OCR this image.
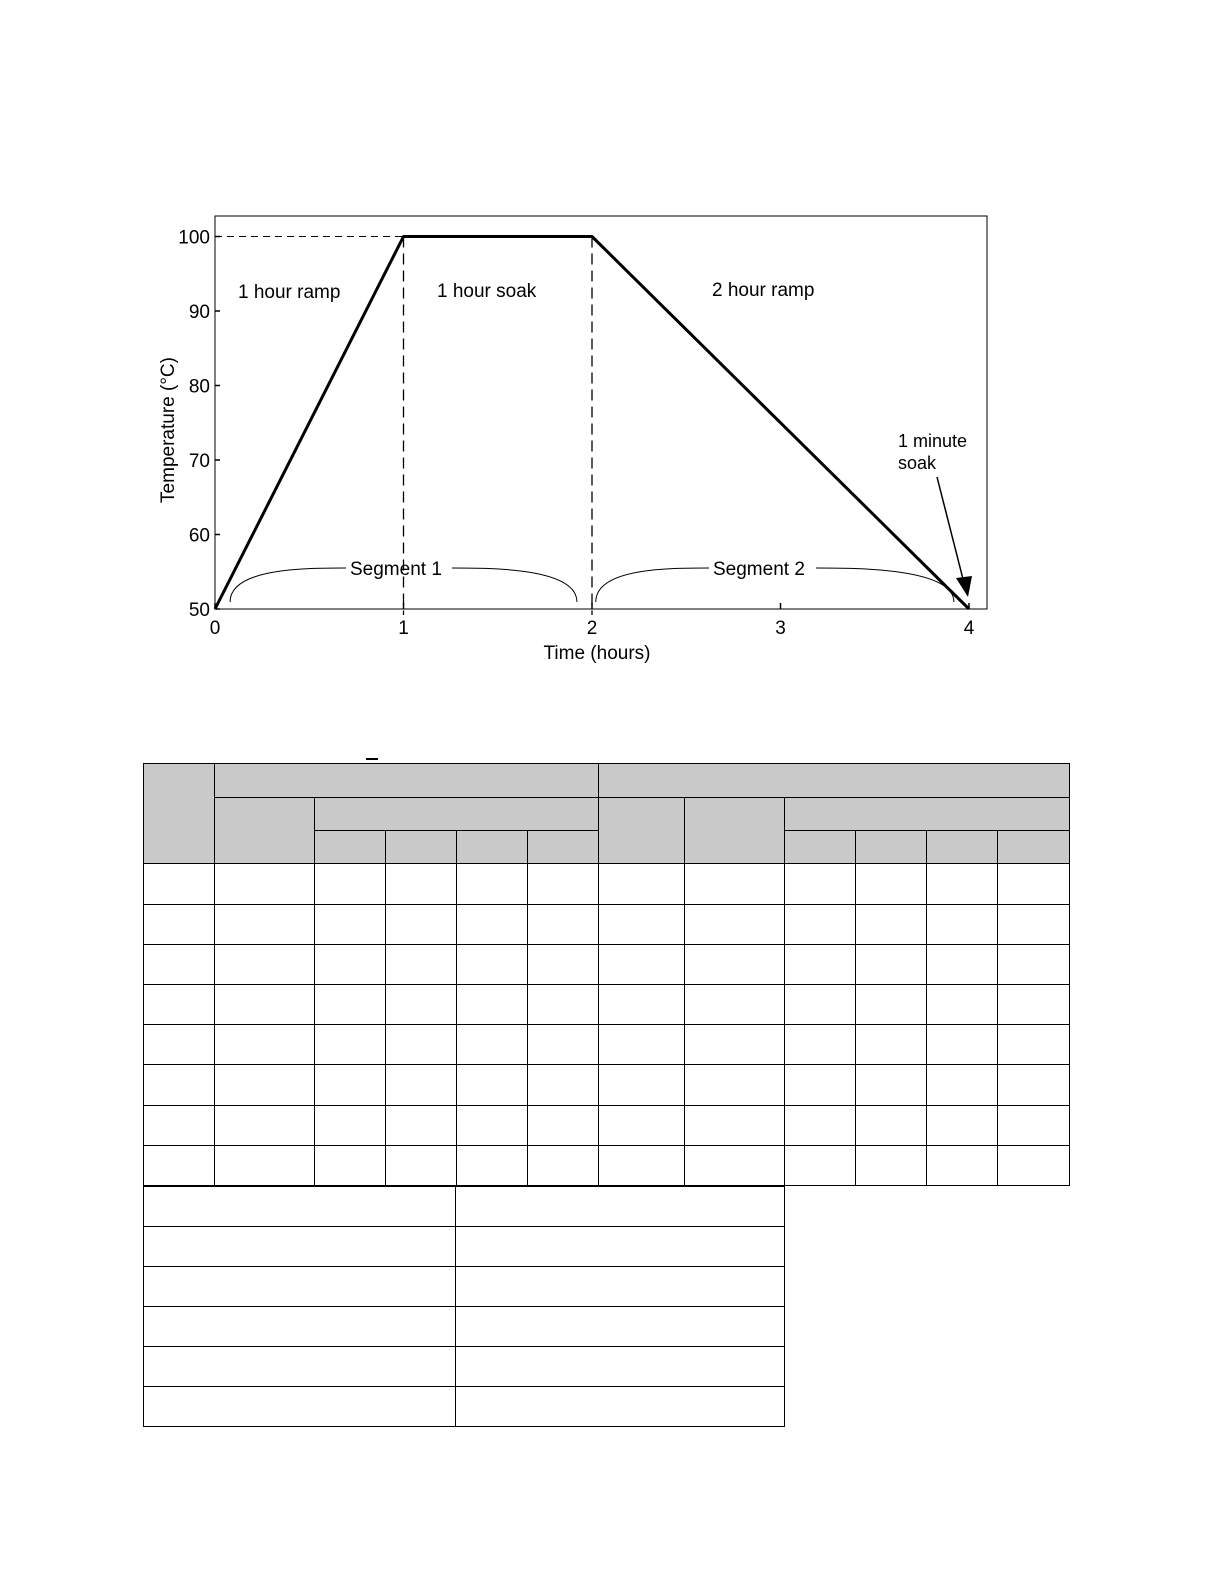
0	1	2	3	4
50
60
70
80
90
100
1 hour ramp	1 hour soak	2 hour ramp
1 minute
soak
Segment 1	Segment 2
Time (hours)
Temperature (°C)
